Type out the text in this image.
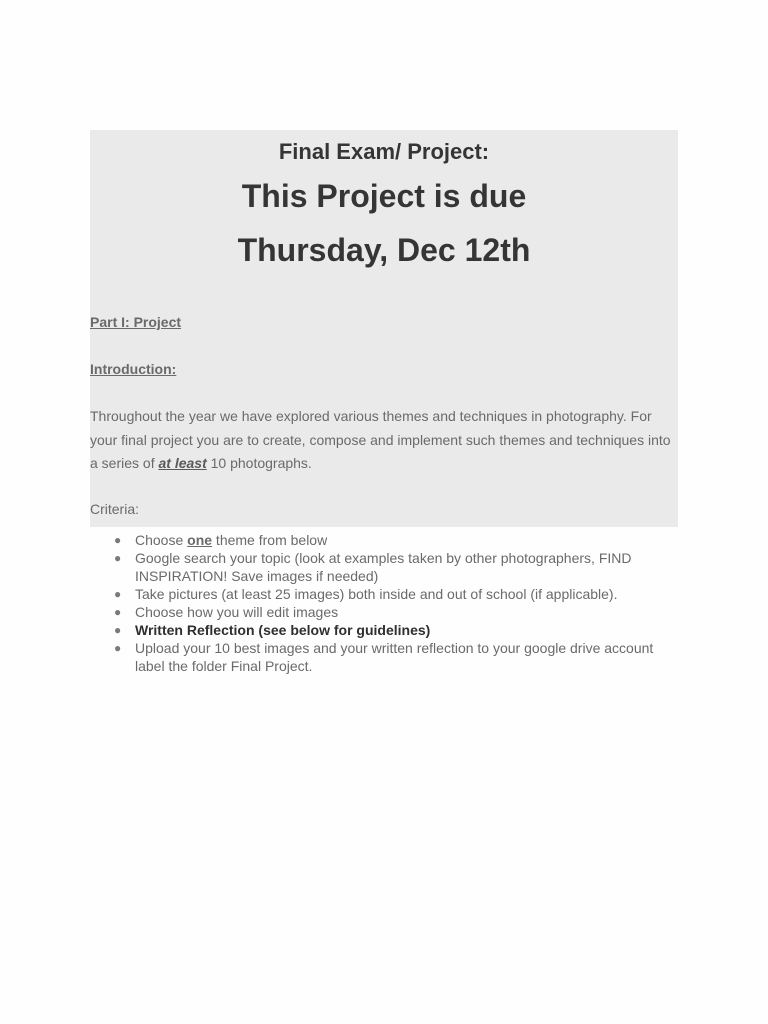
Final Exam/ Project:
This Project is due
Thursday, Dec 12th

Part I: Project

Introduction:

Throughout the year we have explored various themes and techniques in photography. For your final project you are to create, compose and implement such themes and techniques into a series of at least 10 photographs.

Criteria:

● Choose one theme from below
● Google search your topic (look at examples taken by other photographers, FIND INSPIRATION! Save images if needed)
● Take pictures (at least 25 images) both inside and out of school (if applicable).
● Choose how you will edit images
● Written Reflection (see below for guidelines)
● Upload your 10 best images and your written reflection to your google drive account label the folder Final Project.
